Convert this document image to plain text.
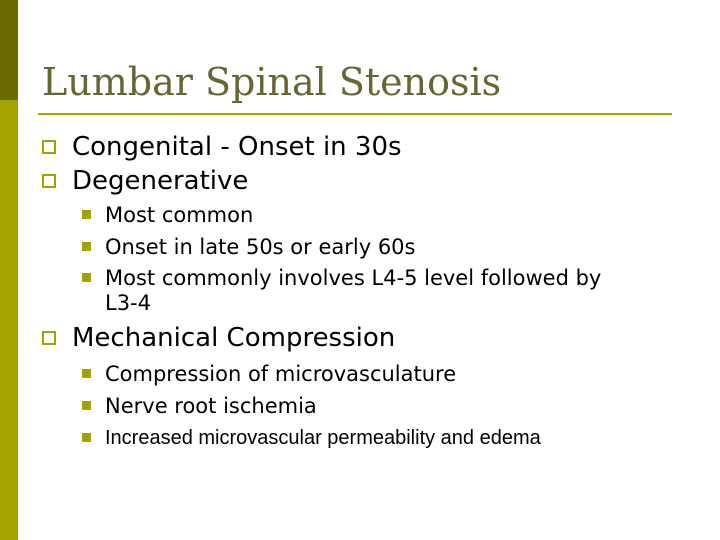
Lumbar Spinal Stenosis
Congenital - Onset in 30s
Degenerative
Most common
Onset in late 50s or early 60s
Most commonly involves L4-5 level followed by
L3-4
Mechanical Compression
Compression of microvasculature
Nerve root ischemia
Increased microvascular permeability and edema
